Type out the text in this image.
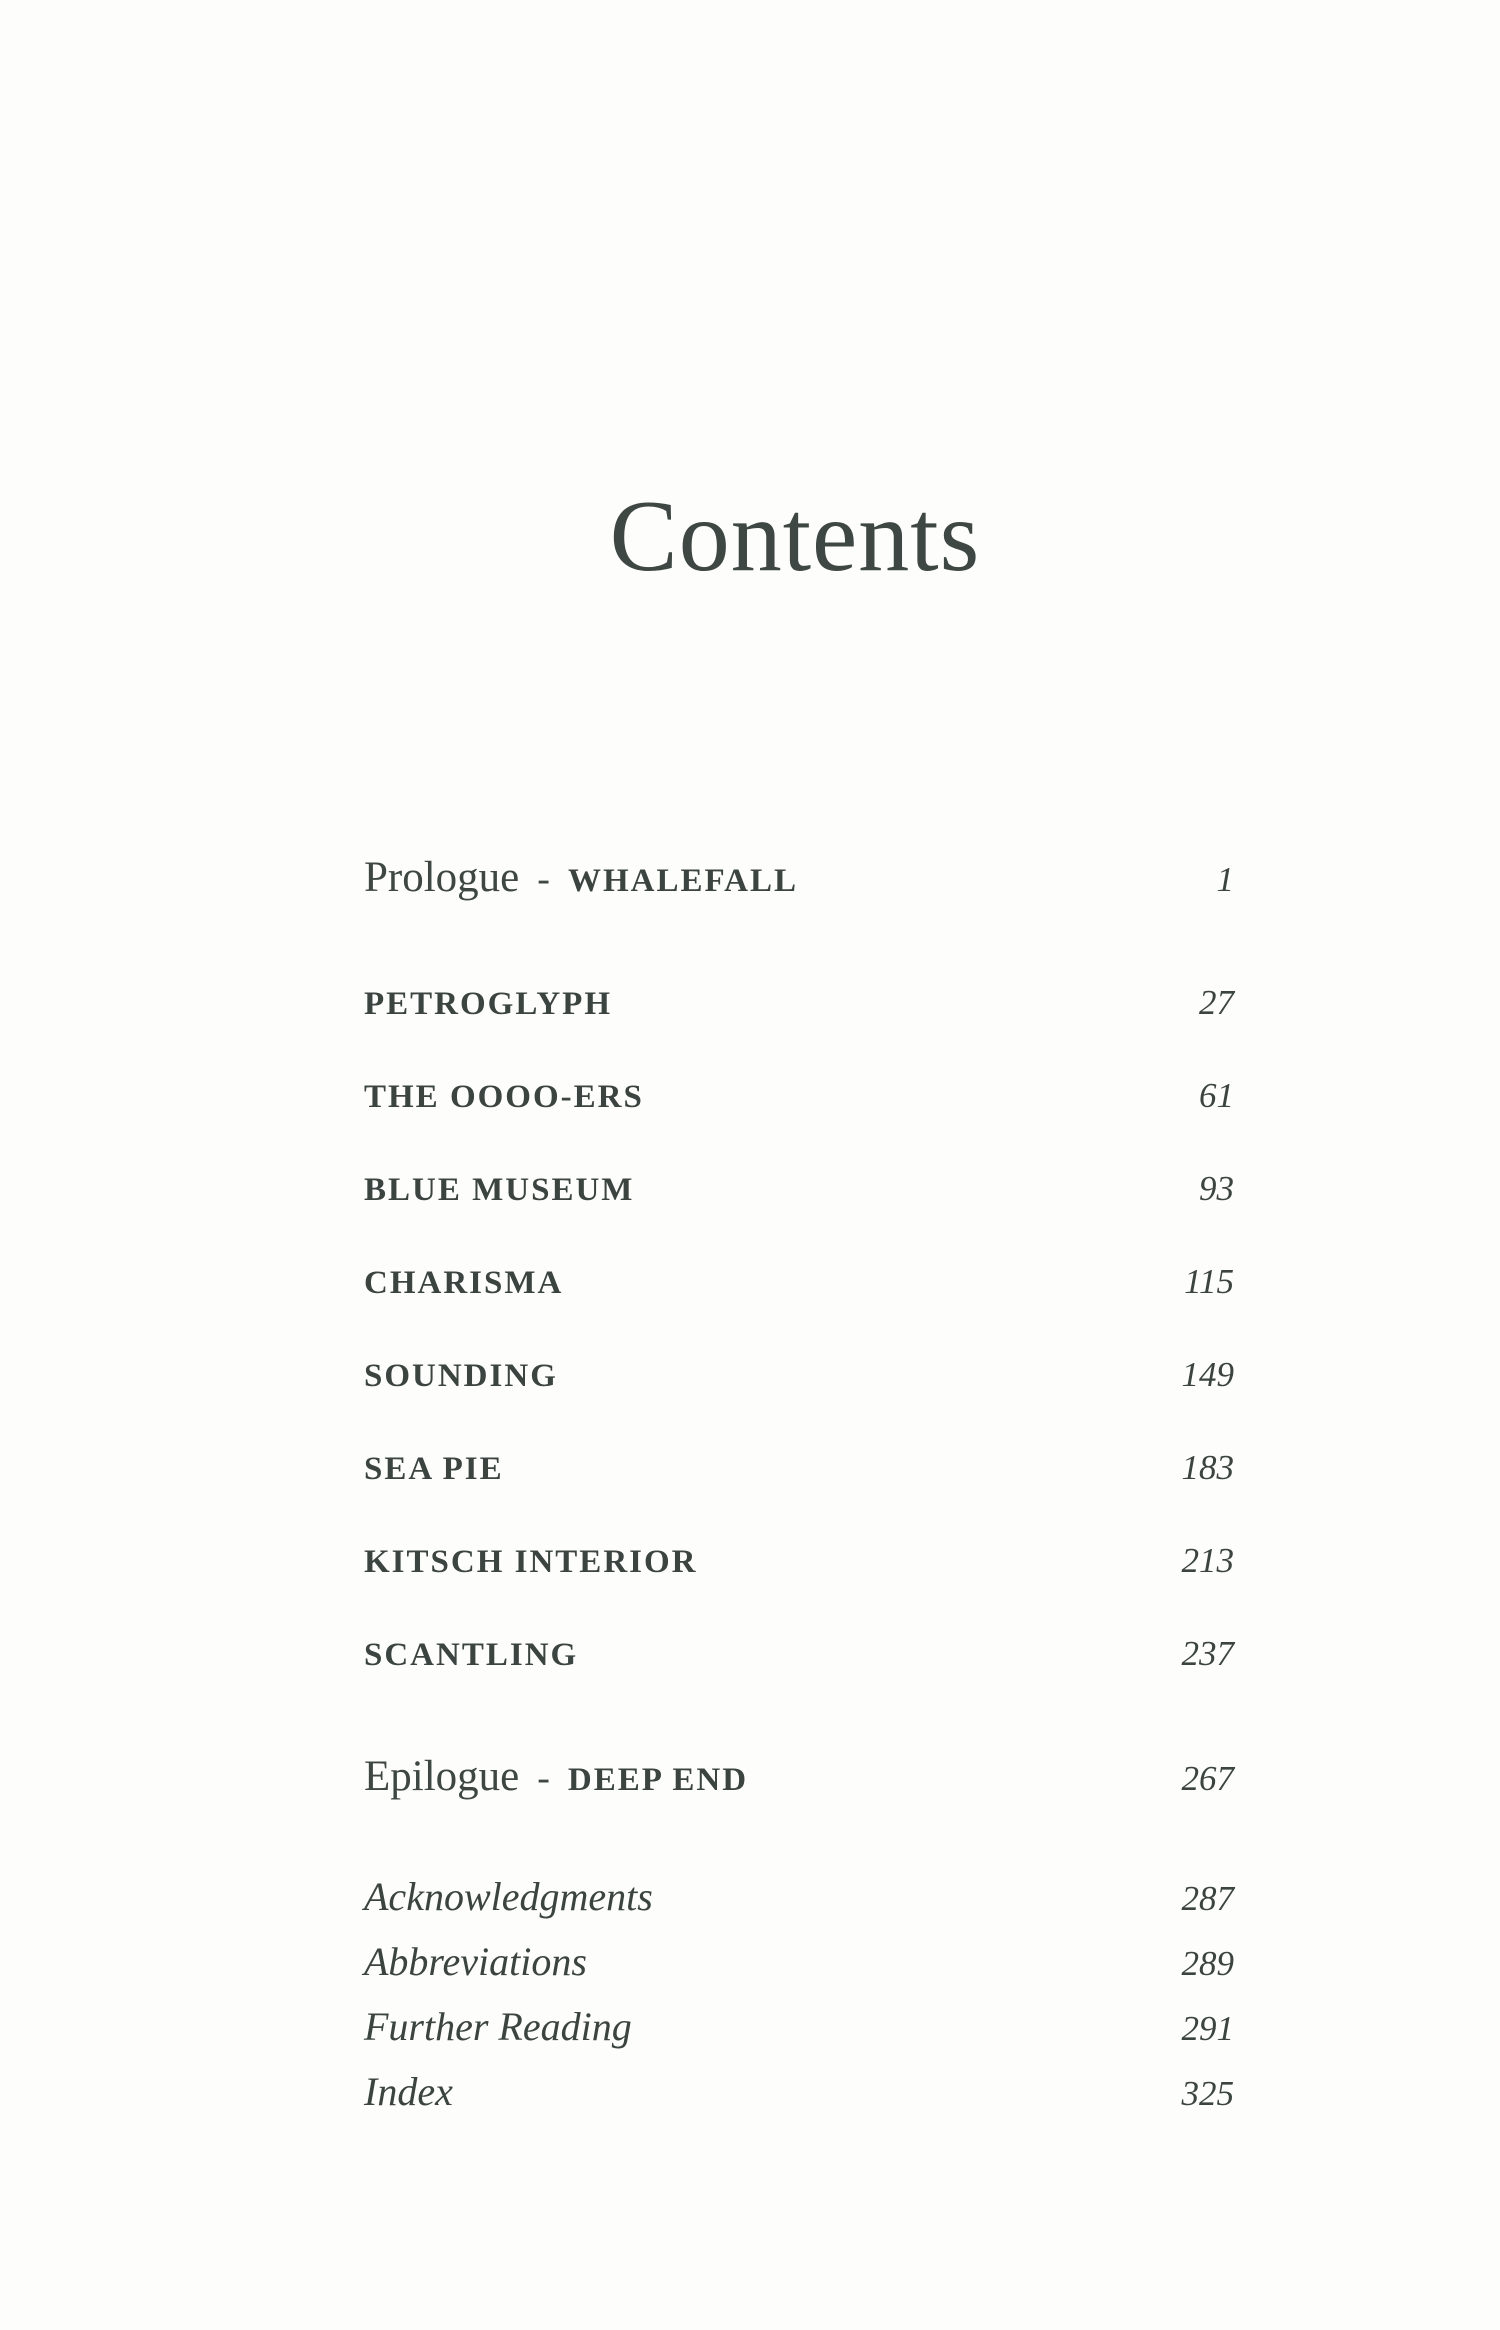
Contents
Prologue - WHALEFALL	1
PETROGLYPH	27
THE OOOO-ERS	61
BLUE MUSEUM	93
CHARISMA	115
SOUNDING	149
SEA PIE	183
KITSCH INTERIOR	213
SCANTLING	237
Epilogue - DEEP END	267
Acknowledgments	287
Abbreviations	289
Further Reading	291
Index	325
